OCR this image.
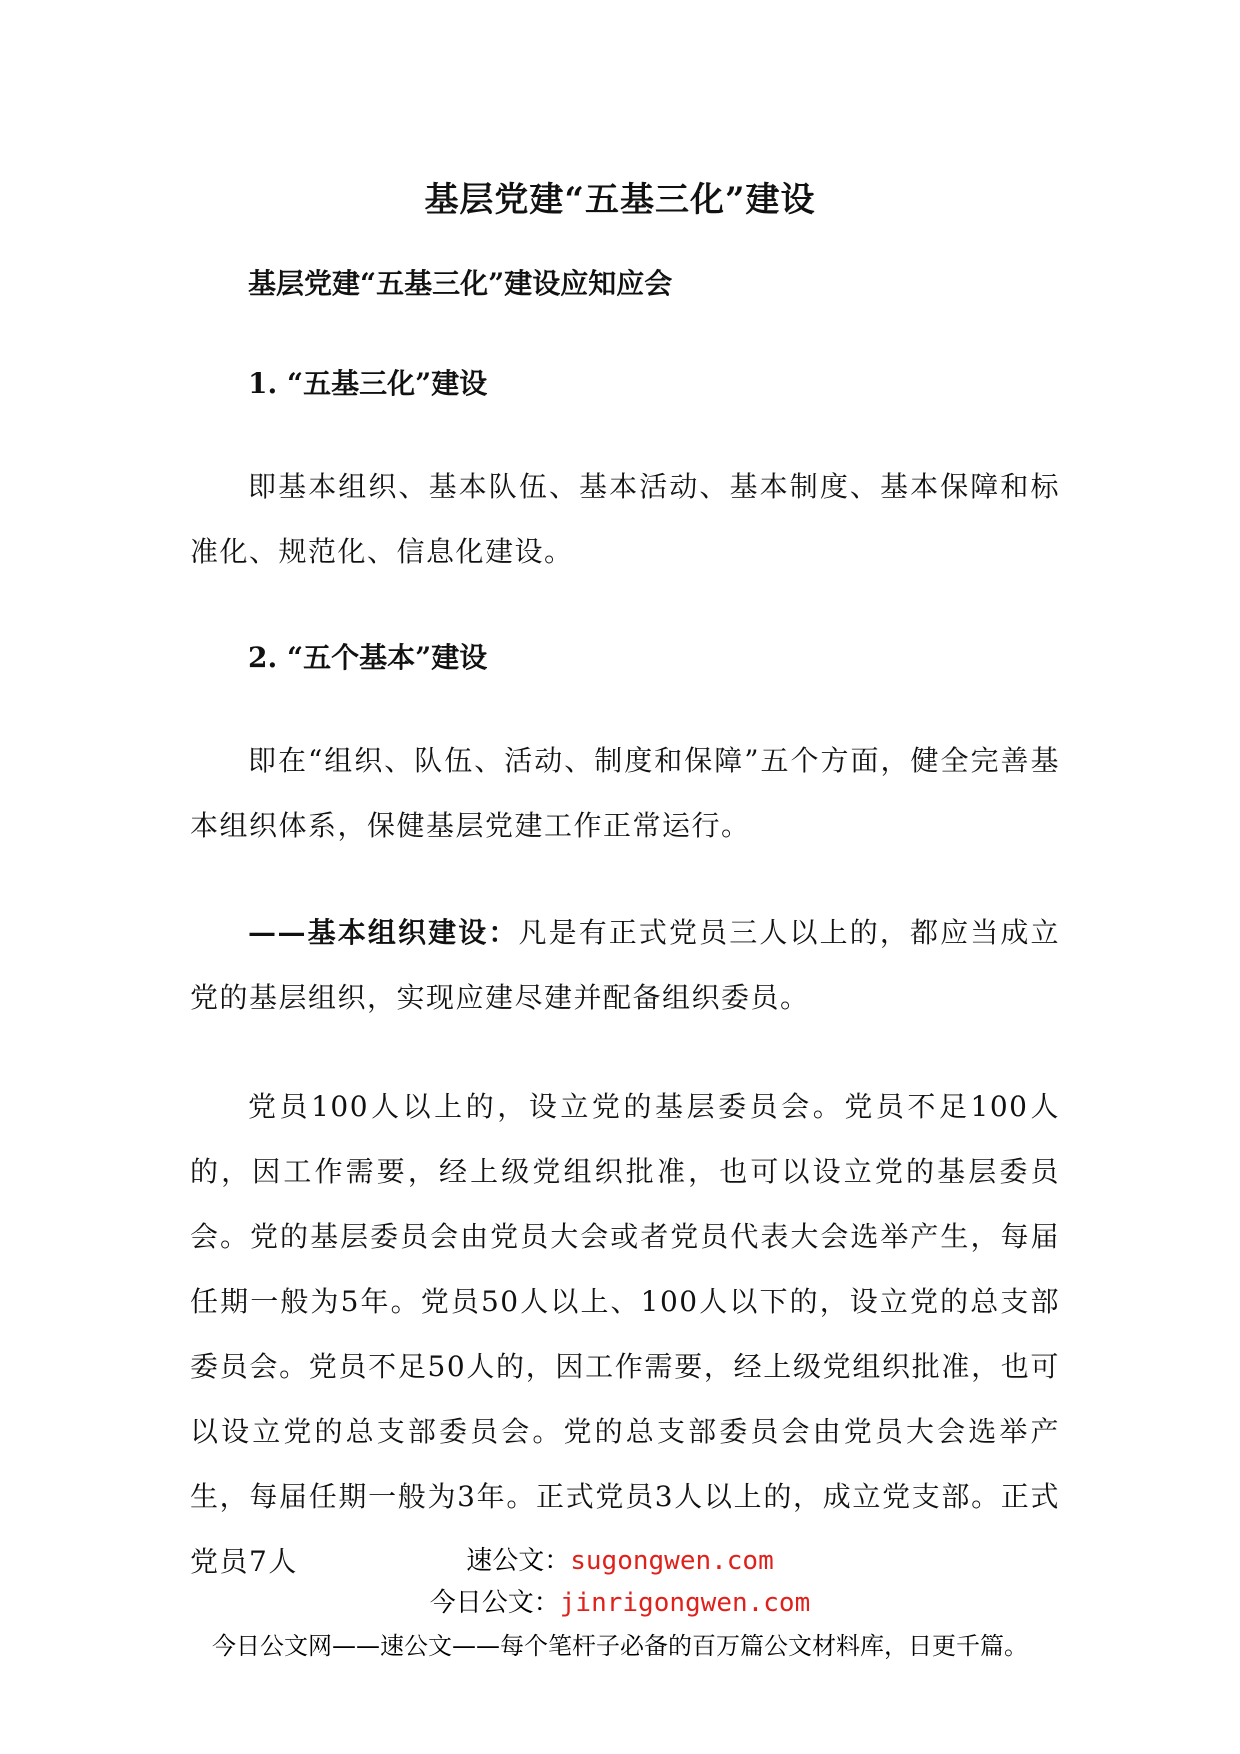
基层党建“五基三化”建设
基层党建“五基三化”建设应知应会
1. “五基三化”建设

即基本组织、基本队伍、基本活动、基本制度、基本保障和标准化、规范化、信息化建设。

2. “五个基本”建设

即在“组织、队伍、活动、制度和保障”五个方面，健全完善基本组织体系，保健基层党建工作正常运行。

——基本组织建设：凡是有正式党员三人以上的，都应当成立党的基层组织，实现应建尽建并配备组织委员。

党员100人以上的，设立党的基层委员会。党员不足100人的，因工作需要，经上级党组织批准，也可以设立党的基层委员会。党的基层委员会由党员大会或者党员代表大会选举产生，每届任期一般为5年。党员50人以上、100人以下的，设立党的总支部委员会。党员不足50人的，因工作需要，经上级党组织批准，也可以设立党的总支部委员会。党的总支部委员会由党员大会选举产生，每届任期一般为3年。正式党员3人以上的，成立党支部。正式党员7人	速公文：sugongwen.com

今日公文：jinrigongwen.com

今日公文网——速公文——每个笔杆子必备的百万篇公文材料库，日更千篇。
